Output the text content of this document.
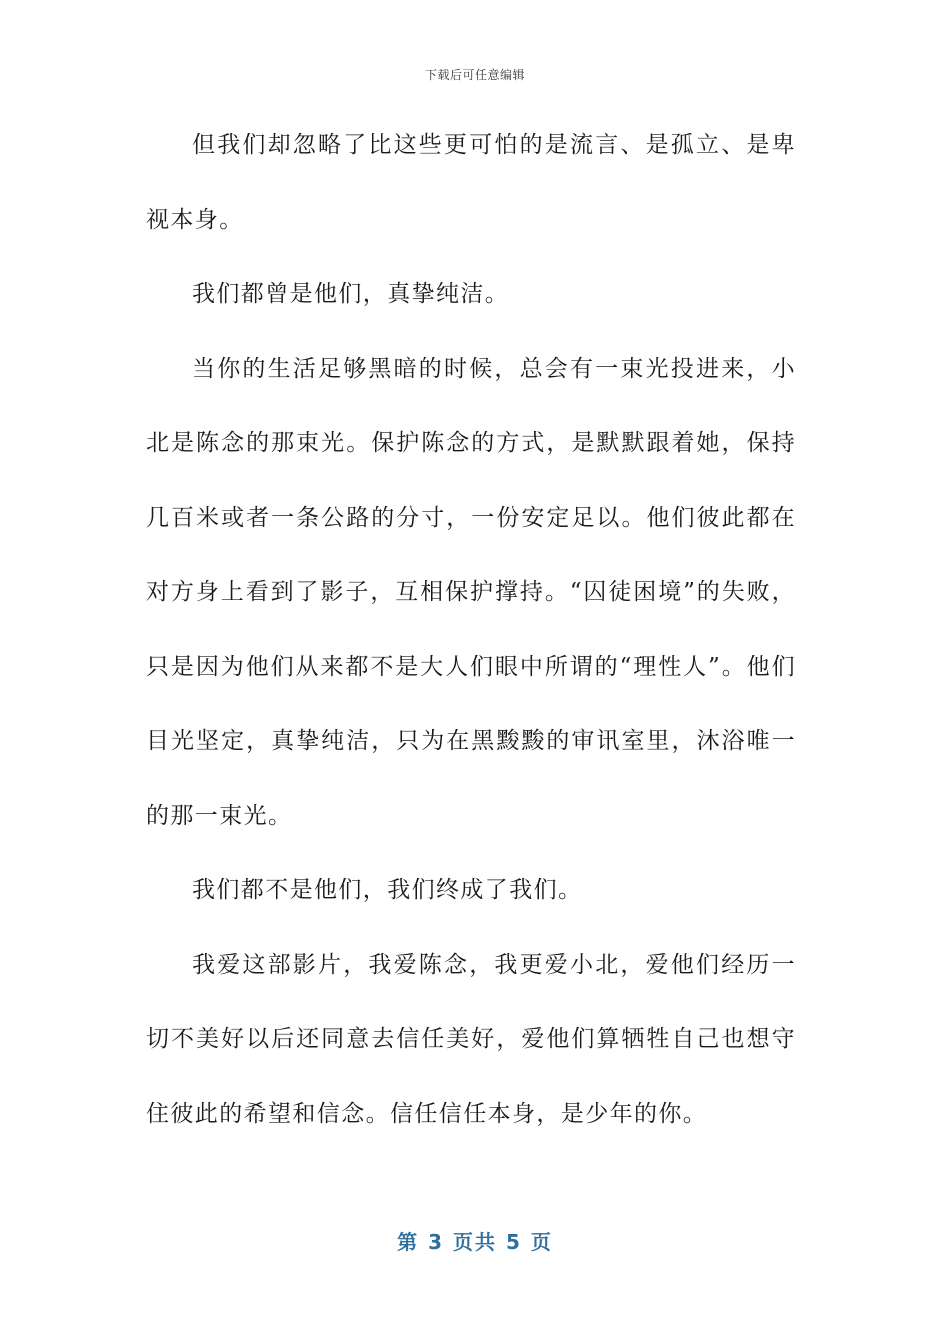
下载后可任意编辑

但我们却忽略了比这些更可怕的是流言、是孤立、是卑视本身。

我们都曾是他们，真挚纯洁。

当你的生活足够黑暗的时候，总会有一束光投进来，小北是陈念的那束光。保护陈念的方式，是默默跟着她，保持几百米或者一条公路的分寸，一份安定足以。他们彼此都在对方身上看到了影子，互相保护撑持。“囚徒困境”的失败，只是因为他们从来都不是大人们眼中所谓的“理性人”。他们目光坚定，真挚纯洁，只为在黑黢黢的审讯室里，沐浴唯一的那一束光。

我们都不是他们，我们终成了我们。

我爱这部影片，我爱陈念，我更爱小北，爱他们经历一切不美好以后还同意去信任美好，爱他们算牺牲自己也想守住彼此的希望和信念。信任信任本身，是少年的你。

第 3 页共 5 页
